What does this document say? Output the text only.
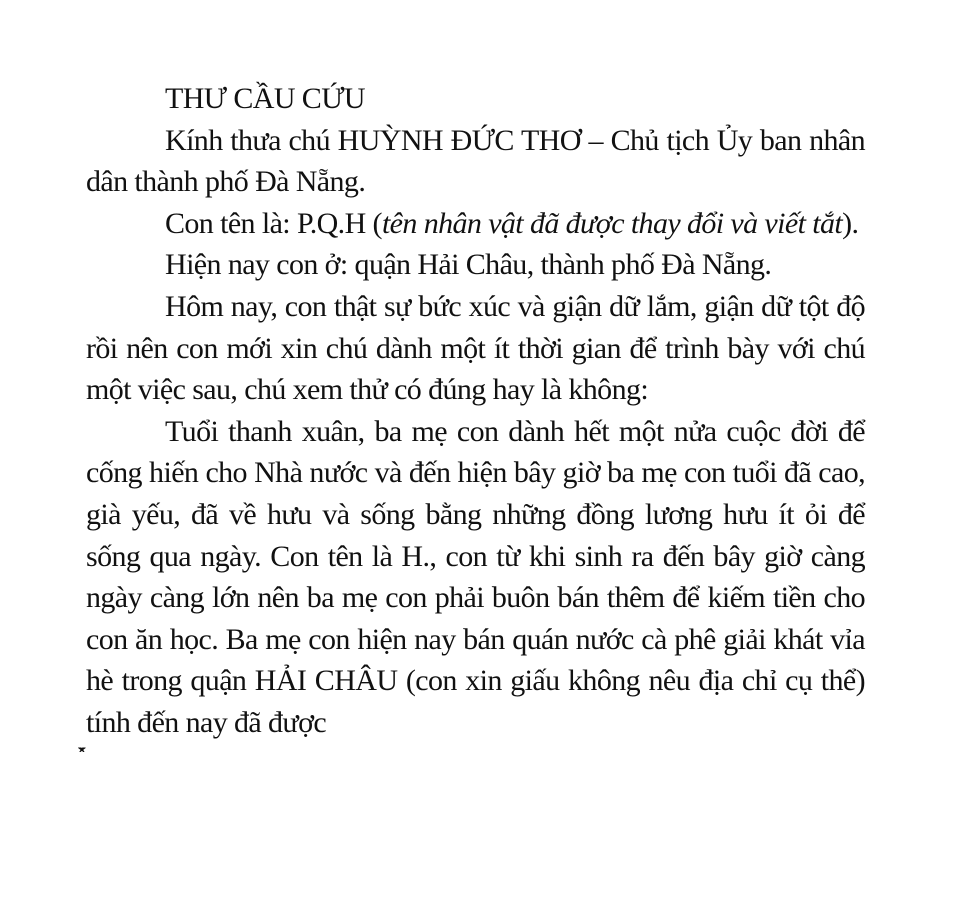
THƯ CẦU CỨU

Kính thưa chú HUỲNH ĐỨC THƠ – Chủ tịch Ủy ban nhân dân thành phố Đà Nẵng.

Con tên là: P.Q.H (tên nhân vật đã được thay đổi và viết tắt).

Hiện nay con ở: quận Hải Châu, thành phố Đà Nẵng.

Hôm nay, con thật sự bức xúc và giận dữ lắm, giận dữ tột độ rồi nên con mới xin chú dành một ít thời gian để trình bày với chú một việc sau, chú xem thử có đúng hay là không:

Tuổi thanh xuân, ba mẹ con dành hết một nửa cuộc đời để cống hiến cho Nhà nước và đến hiện bây giờ ba mẹ con tuổi đã cao, già yếu, đã về hưu và sống bằng những đồng lương hưu ít ỏi để sống qua ngày. Con tên là H., con từ khi sinh ra đến bây giờ càng ngày càng lớn nên ba mẹ con phải buôn bán thêm để kiếm tiền cho con ăn học. Ba mẹ con hiện nay bán quán nước cà phê giải khát vỉa hè trong quận HẢI CHÂU (con xin giấu không nêu địa chỉ cụ thể) tính đến nay đã được
